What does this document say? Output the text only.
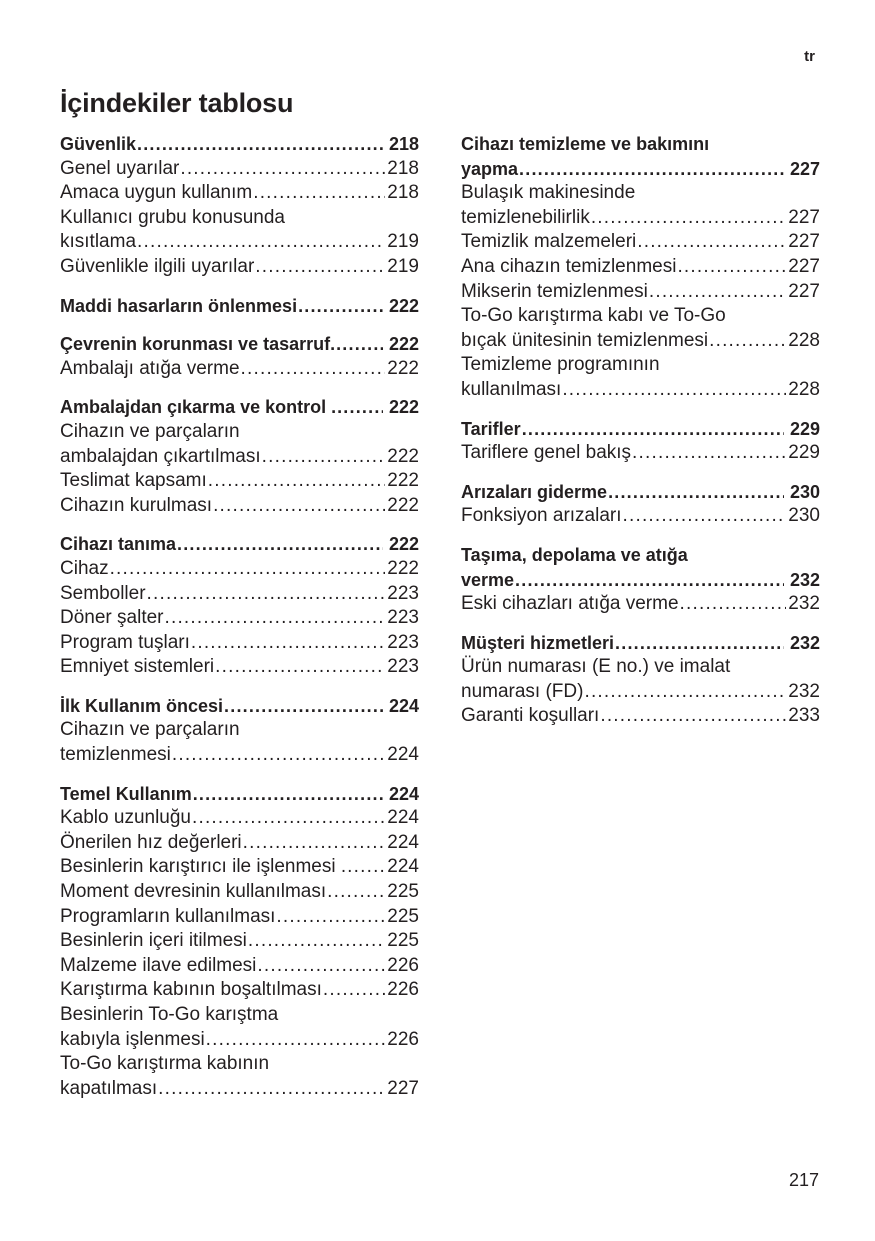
tr
İçindekiler tablosu
Güvenlik .....	218
Genel uyarılar .....	218
Amaca uygun kullanım .....	218
Kullanıcı grubu konusunda
kısıtlama .....	219
Güvenlikle ilgili uyarılar .....	219
Maddi hasarların önlenmesi .....	222
Çevrenin korunması ve tasarruf. .....	222
Ambalajı atığa verme .....	222
Ambalajdan çıkarma ve kontrol . .....	222
Cihazın ve parçaların
ambalajdan çıkartılması .....	222
Teslimat kapsamı .....	222
Cihazın kurulması .....	222
Cihazı tanıma .....	222
Cihaz .....	222
Semboller .....	223
Döner şalter .....	223
Program tuşları .....	223
Emniyet sistemleri .....	223
İlk Kullanım öncesi .....	224
Cihazın ve parçaların
temizlenmesi .....	224
Temel Kullanım .....	224
Kablo uzunluğu .....	224
Önerilen hız değerleri .....	224
Besinlerin karıştırıcı ile işlenmesi . ..... 224
Moment devresinin kullanılması .....	225
Programların kullanılması .....	225
Besinlerin içeri itilmesi .....	225
Malzeme ilave edilmesi .....	226
Karıştırma kabının boşaltılması .....	226
Besinlerin To-Go karıştma
kabıyla işlenmesi .....	226
To-Go karıştırma kabının
kapatılması .....	227
Cihazı temizleme ve bakımını
yapma .....	227
Bulaşık makinesinde
temizlenebilirlik .....	227
Temizlik malzemeleri .....	227
Ana cihazın temizlenmesi .....	227
Mikserin temizlenmesi .....	227
To-Go karıştırma kabı ve To-Go
bıçak ünitesinin temizlenmesi .....	228
Temizleme programının
kullanılması .....	228
Tarifler .....	229
Tariflere genel bakış .....	229
Arızaları giderme .....	230
Fonksiyon arızaları .....	230
Taşıma, depolama ve atığa
verme .....	232
Eski cihazları atığa verme .....	232
Müşteri hizmetleri .....	232
Ürün numarası (E no.) ve imalat
numarası (FD) .....	232
Garanti koşulları .....	233
217
